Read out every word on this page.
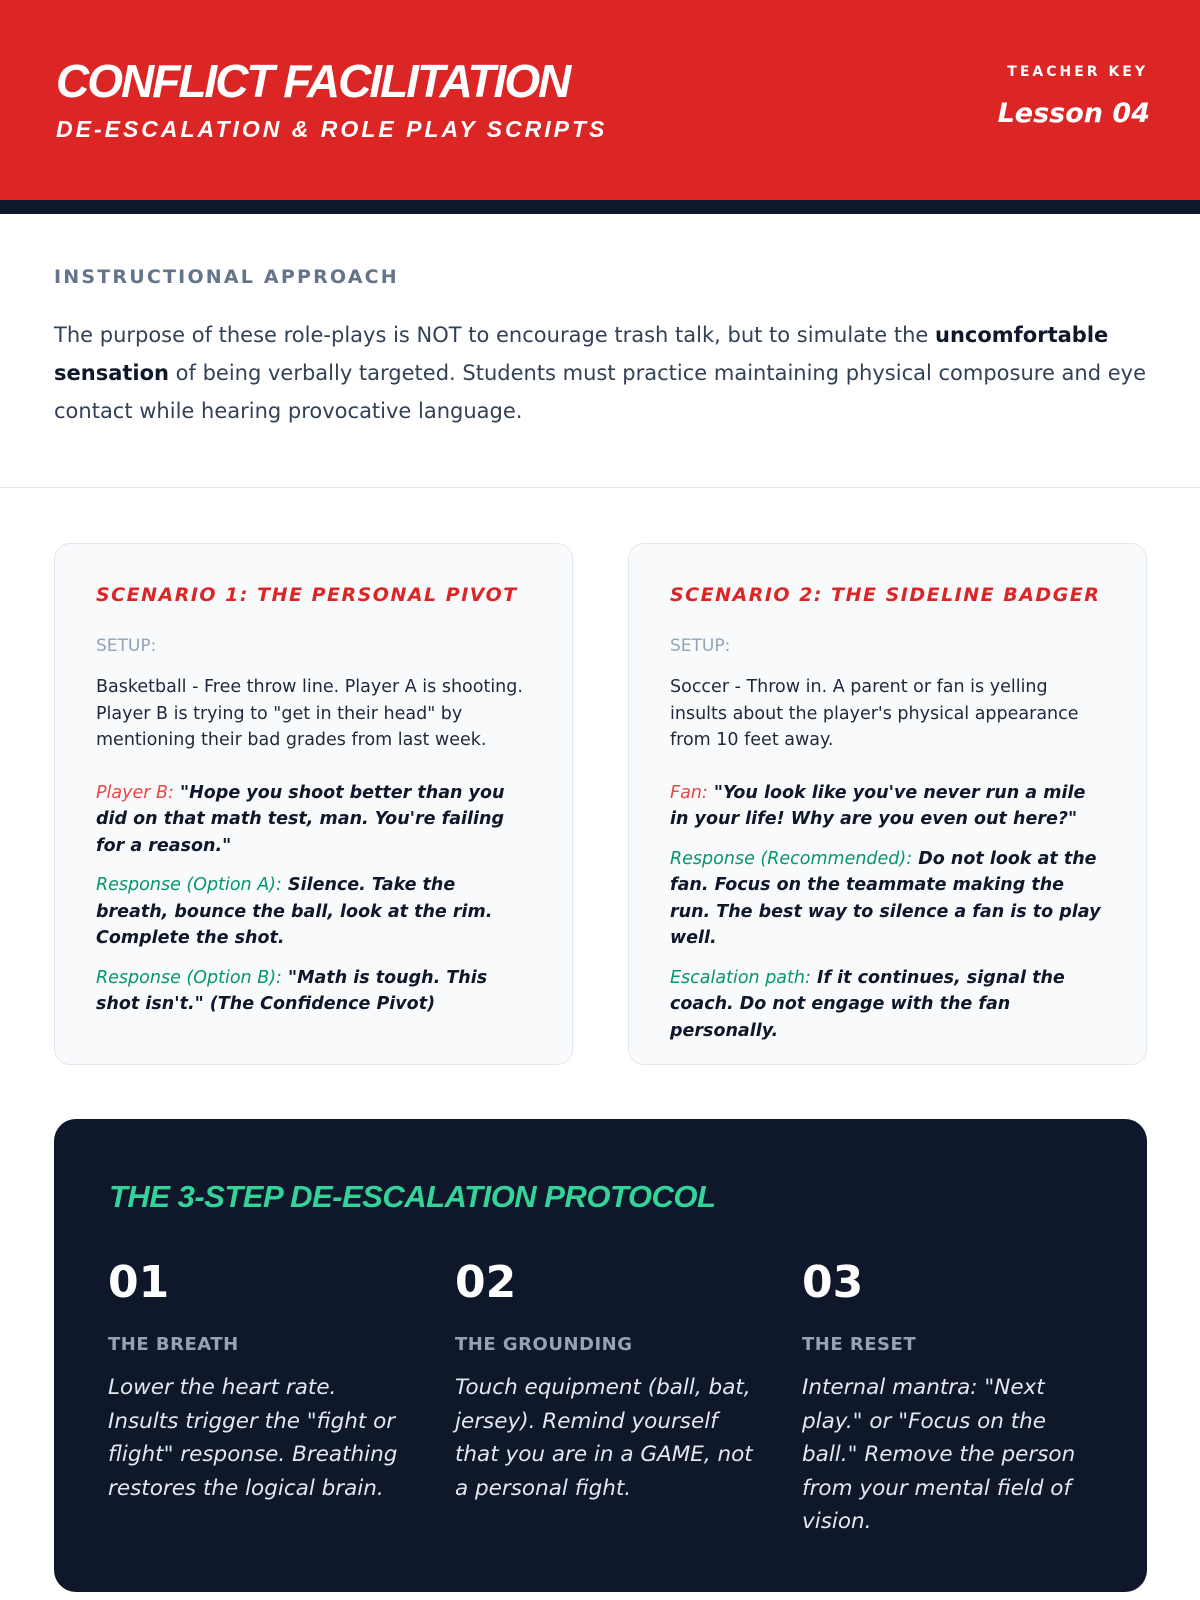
CONFLICT FACILITATION
DE-ESCALATION & ROLE PLAY SCRIPTS
TEACHER KEY
Lesson 04
INSTRUCTIONAL APPROACH

The purpose of these role-plays is NOT to encourage trash talk, but to simulate the uncomfortable sensation of being verbally targeted. Students must practice maintaining physical composure and eye contact while hearing provocative language.

SCENARIO 1: THE PERSONAL PIVOT
SETUP:
Basketball - Free throw line. Player A is shooting. Player B is trying to "get in their head" by mentioning their bad grades from last week.

Player B: "Hope you shoot better than you did on that math test, man. You're failing for a reason."

Response (Option A): Silence. Take the breath, bounce the ball, look at the rim. Complete the shot.

Response (Option B): "Math is tough. This shot isn't." (The Confidence Pivot)

SCENARIO 2: THE SIDELINE BADGER
SETUP:
Soccer - Throw in. A parent or fan is yelling insults about the player's physical appearance from 10 feet away.

Fan: "You look like you've never run a mile in your life! Why are you even out here?"

Response (Recommended): Do not look at the fan. Focus on the teammate making the run. The best way to silence a fan is to play well.

Escalation path: If it continues, signal the coach. Do not engage with the fan personally.

THE 3-STEP DE-ESCALATION PROTOCOL
01
THE BREATH
Lower the heart rate. Insults trigger the "fight or flight" response. Breathing restores the logical brain.
02
THE GROUNDING
Touch equipment (ball, bat, jersey). Remind yourself that you are in a GAME, not a personal fight.
03
THE RESET
Internal mantra: "Next play." or "Focus on the ball." Remove the person from your mental field of vision.
